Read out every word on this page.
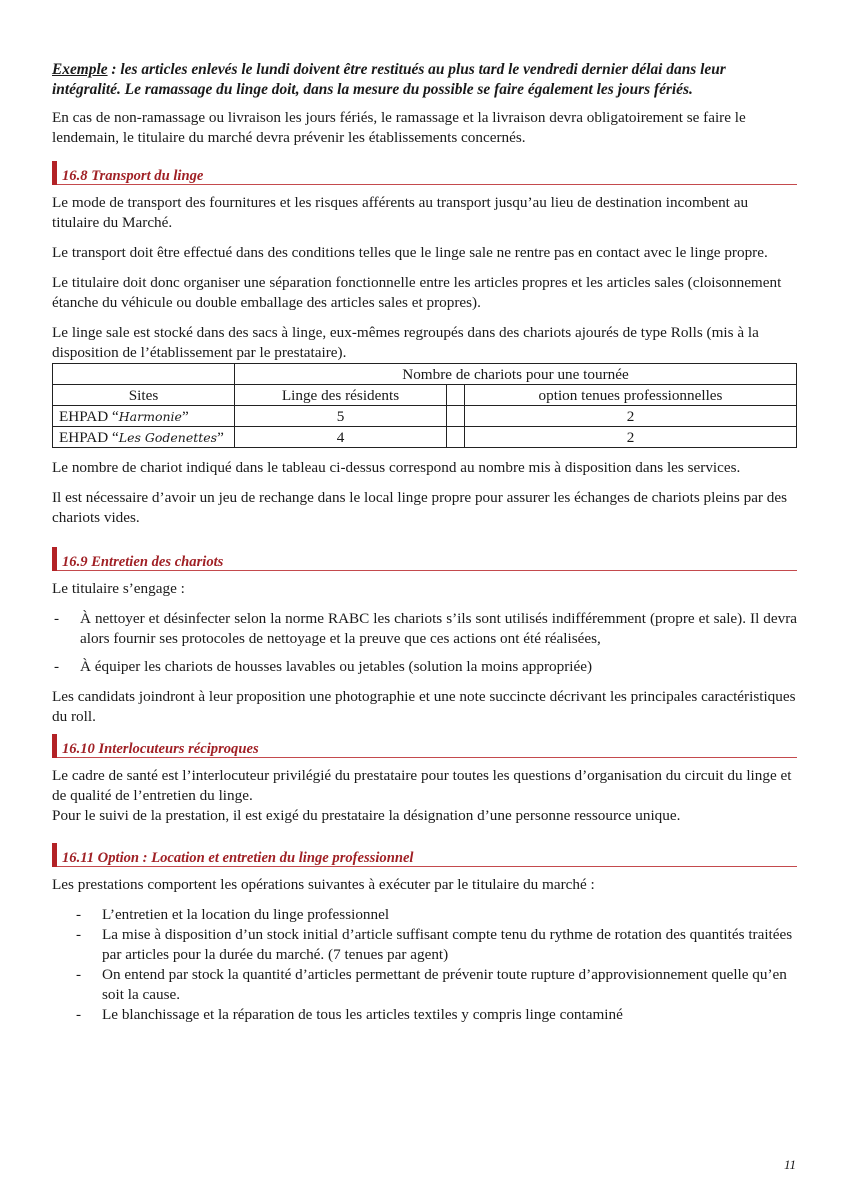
Exemple : les articles enlevés le lundi doivent être restitués au plus tard le vendredi dernier délai dans leur intégralité. Le ramassage du linge doit, dans la mesure du possible se faire également les jours fériés.

En cas de non-ramassage ou livraison les jours fériés, le ramassage et la livraison devra obligatoirement se faire le lendemain, le titulaire du marché devra prévenir les établissements concernés.

16.8 Transport du linge

Le mode de transport des fournitures et les risques afférents au transport jusqu’au lieu de destination incombent au titulaire du Marché.

Le transport doit être effectué dans des conditions telles que le linge sale ne rentre pas en contact avec le linge propre.

Le titulaire doit donc organiser une séparation fonctionnelle entre les articles propres et les articles sales (cloisonnement étanche du véhicule ou double emballage des articles sales et propres).

Le linge sale est stocké dans des sacs à linge, eux-mêmes regroupés dans des chariots ajourés de type Rolls (mis à la disposition de l’établissement par le prestataire).

	Nombre de chariots pour une tournée		
Sites	Linge des résidents		option tenues professionnelles
EHPAD “Harmonie”	5		2
EHPAD “Les Godenettes”	4		2

Le nombre de chariot indiqué dans le tableau ci-dessus correspond au nombre mis à disposition dans les services.

Il est nécessaire d’avoir un jeu de rechange dans le local linge propre pour assurer les échanges de chariots pleins par des chariots vides.

16.9 Entretien des chariots

Le titulaire s’engage :

- À nettoyer et désinfecter selon la norme RABC les chariots s’ils sont utilisés indifféremment (propre et sale). Il devra alors fournir ses protocoles de nettoyage et la preuve que ces actions ont été réalisées,
- À équiper les chariots de housses lavables ou jetables (solution la moins appropriée)

Les candidats joindront à leur proposition une photographie et une note succincte décrivant les principales caractéristiques du roll.

16.10 Interlocuteurs réciproques

Le cadre de santé est l’interlocuteur privilégié du prestataire pour toutes les questions d’organisation du circuit du linge et de qualité de l’entretien du linge.

Pour le suivi de la prestation, il est exigé du prestataire la désignation d’une personne ressource unique.

16.11 Option : Location et entretien du linge professionnel

Les prestations comportent les opérations suivantes à exécuter par le titulaire du marché :

- L’entretien et la location du linge professionnel
- La mise à disposition d’un stock initial d’article suffisant compte tenu du rythme de rotation des quantités traitées par articles pour la durée du marché. (7 tenues par agent)
- On entend par stock la quantité d’articles permettant de prévenir toute rupture d’approvisionnement quelle qu’en soit la cause.
- Le blanchissage et la réparation de tous les articles textiles y compris linge contaminé
11
